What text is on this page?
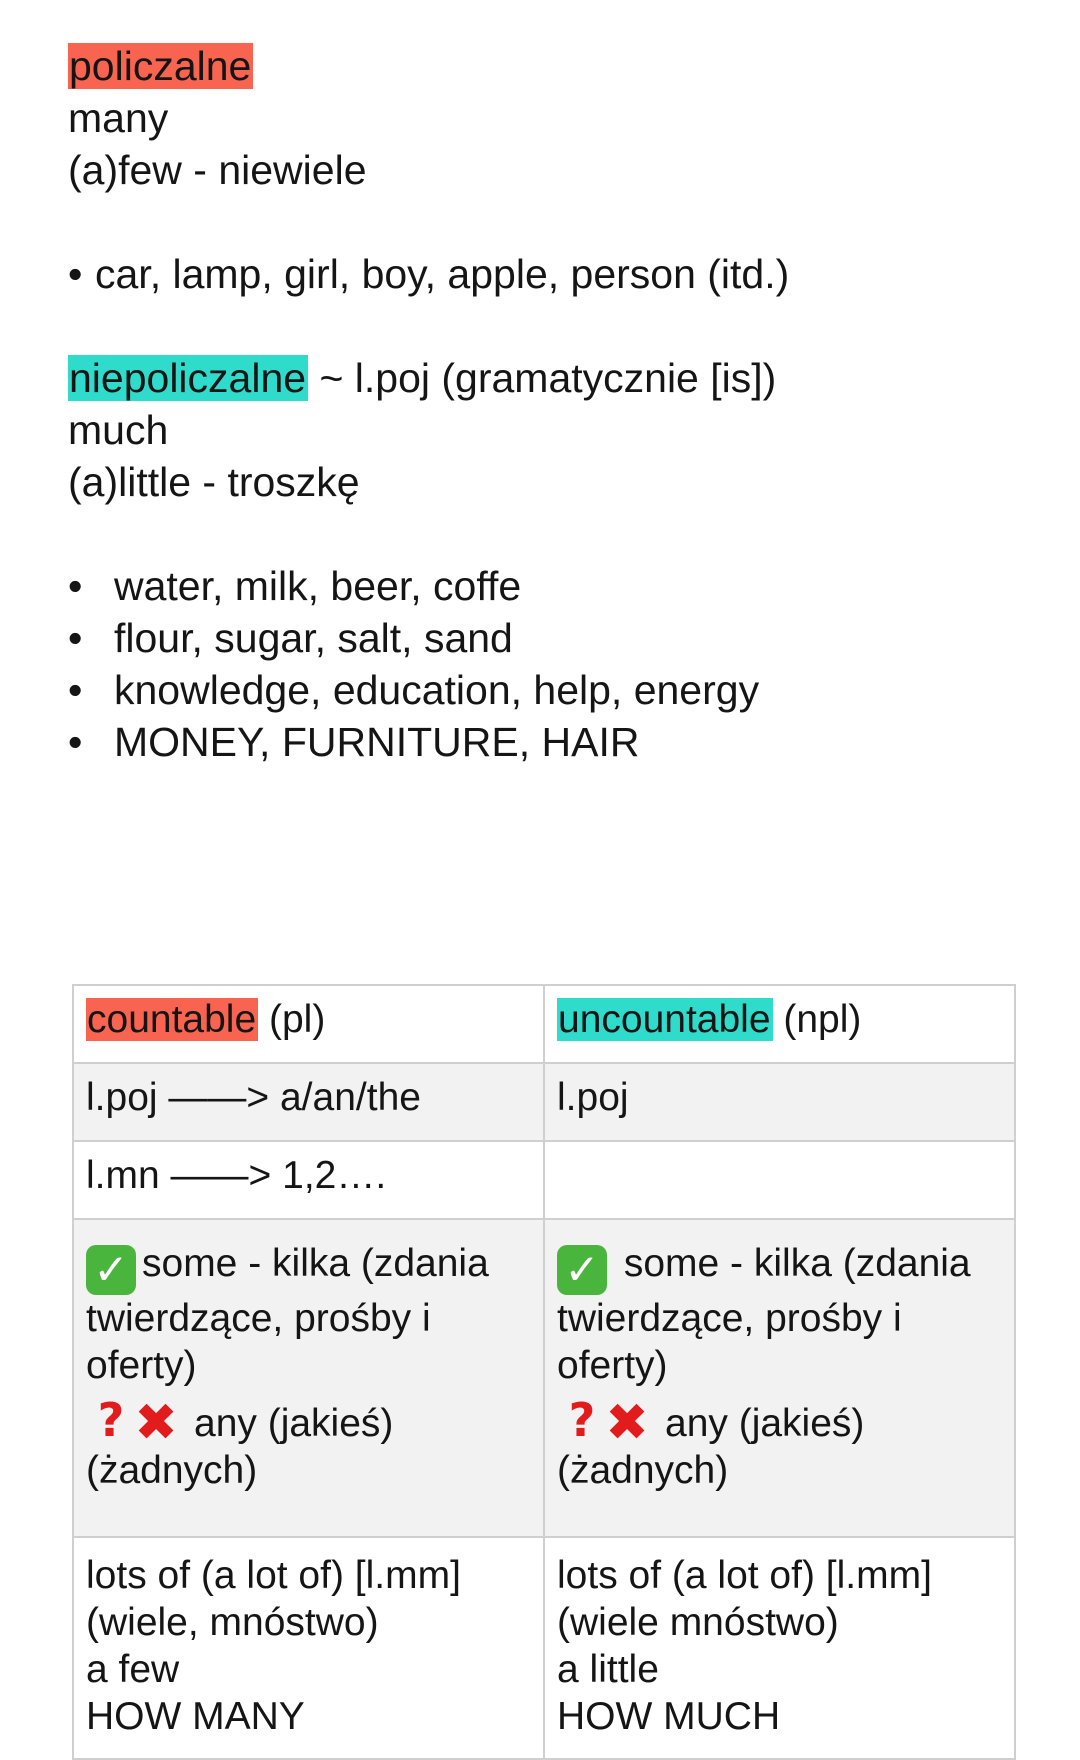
policzalne
many
(a)few - niewiele
• car, lamp, girl, boy, apple, person (itd.)
niepoliczalne ~ l.poj (gramatycznie [is])
much
(a)little - troszkę
• water, milk, beer, coffe
• flour, sugar, salt, sand
• knowledge, education, help, energy
• MONEY, FURNITURE, HAIR
countable (pl)	uncountable (npl)
l.poj ——> a/an/the	l.poj
l.mn ——> 1,2….	

✓ some - kilka (zdania twierdzące, prośby i oferty)
? ✖ any (jakieś)
(żadnych)	✓ some - kilka (zdania twierdzące, prośby i oferty)
? ✖ any (jakieś)
(żadnych)

lots of (a lot of) [l.mm]
(wiele, mnóstwo)
a few
HOW MANY	lots of (a lot of) [l.mm]
(wiele mnóstwo)
a little
HOW MUCH
